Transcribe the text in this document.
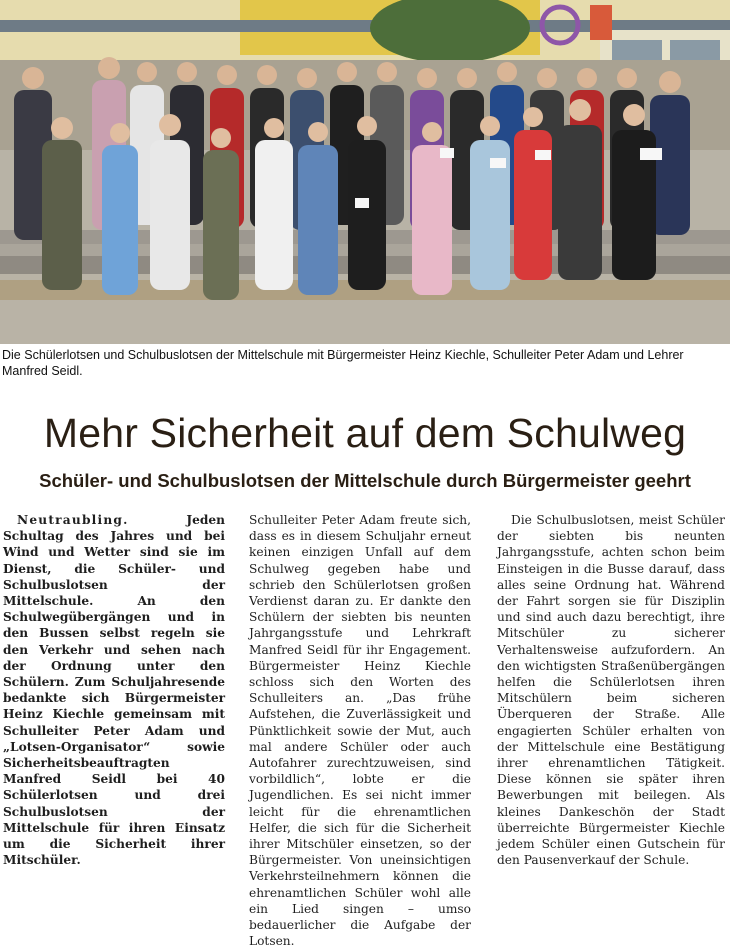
Die Schülerlotsen und Schulbuslotsen der Mittelschule mit Bürgermeister Heinz Kiechle, Schulleiter Peter Adam und Lehrer Manfred Seidl.
Mehr Sicherheit auf dem Schulweg
Schüler- und Schulbuslotsen der Mittelschule durch Bürgermeister geehrt

Neutraubling.	Jeden Schultag des Jahres und bei Wind und Wetter sind sie im Dienst, die Schüler- und Schulbuslotsen der Mittelschule. An den Schulwegübergängen und in den Bussen selbst regeln sie den Verkehr und sehen nach der Ordnung unter den Schülern. Zum Schuljahresende bedankte sich Bürgermeister Heinz Kiechle gemeinsam mit Schulleiter Peter Adam und „Lotsen-Organisator“ sowie Sicherheitsbeauftragten Manfred Seidl bei 40 Schülerlotsen und drei Schulbuslotsen der Mittelschule für ihren Einsatz um die Sicherheit ihrer Mitschüler.

Schulleiter Peter Adam freute sich, dass es in diesem Schuljahr erneut keinen einzigen Unfall auf dem Schulweg gegeben habe und schrieb den Schülerlotsen großen Verdienst daran zu. Er dankte den Schülern der siebten bis neunten Jahrgangsstufe und Lehrkraft Manfred Seidl für ihr Engagement. Bürgermeister Heinz Kiechle schloss sich den Worten des Schulleiters an. „Das frühe Aufstehen, die Zuverlässigkeit und Pünktlichkeit sowie der Mut, auch mal andere Schüler oder auch Autofahrer zurechtzuweisen, sind vorbildlich“, lobte er die Jugendlichen. Es sei nicht immer leicht für die ehrenamtlichen Helfer, die sich für die Sicherheit ihrer Mitschüler einsetzen, so der Bürgermeister. Von uneinsichtigen Verkehrsteilnehmern können die ehrenamtlichen Schüler wohl alle ein Lied singen – umso bedauerlicher die Aufgabe der Lotsen.

Die Schulbuslotsen, meist Schüler der siebten bis neunten Jahrgangsstufe, achten schon beim Einsteigen in die Busse darauf, dass alles seine Ordnung hat. Während der Fahrt sorgen sie für Disziplin und sind auch dazu berechtigt, ihre Mitschüler zu sicherer Verhaltensweise aufzufordern. An den wichtigsten Straßenübergängen helfen die Schülerlotsen ihren Mitschülern beim sicheren Überqueren der Straße. Alle engagierten Schüler erhalten von der Mittelschule eine Bestätigung ihrer ehrenamtlichen Tätigkeit. Diese können sie später ihren Bewerbungen mit beilegen. Als kleines Dankeschön der Stadt überreichte Bürgermeister Kiechle jedem Schüler einen Gutschein für den Pausenverkauf der Schule.
